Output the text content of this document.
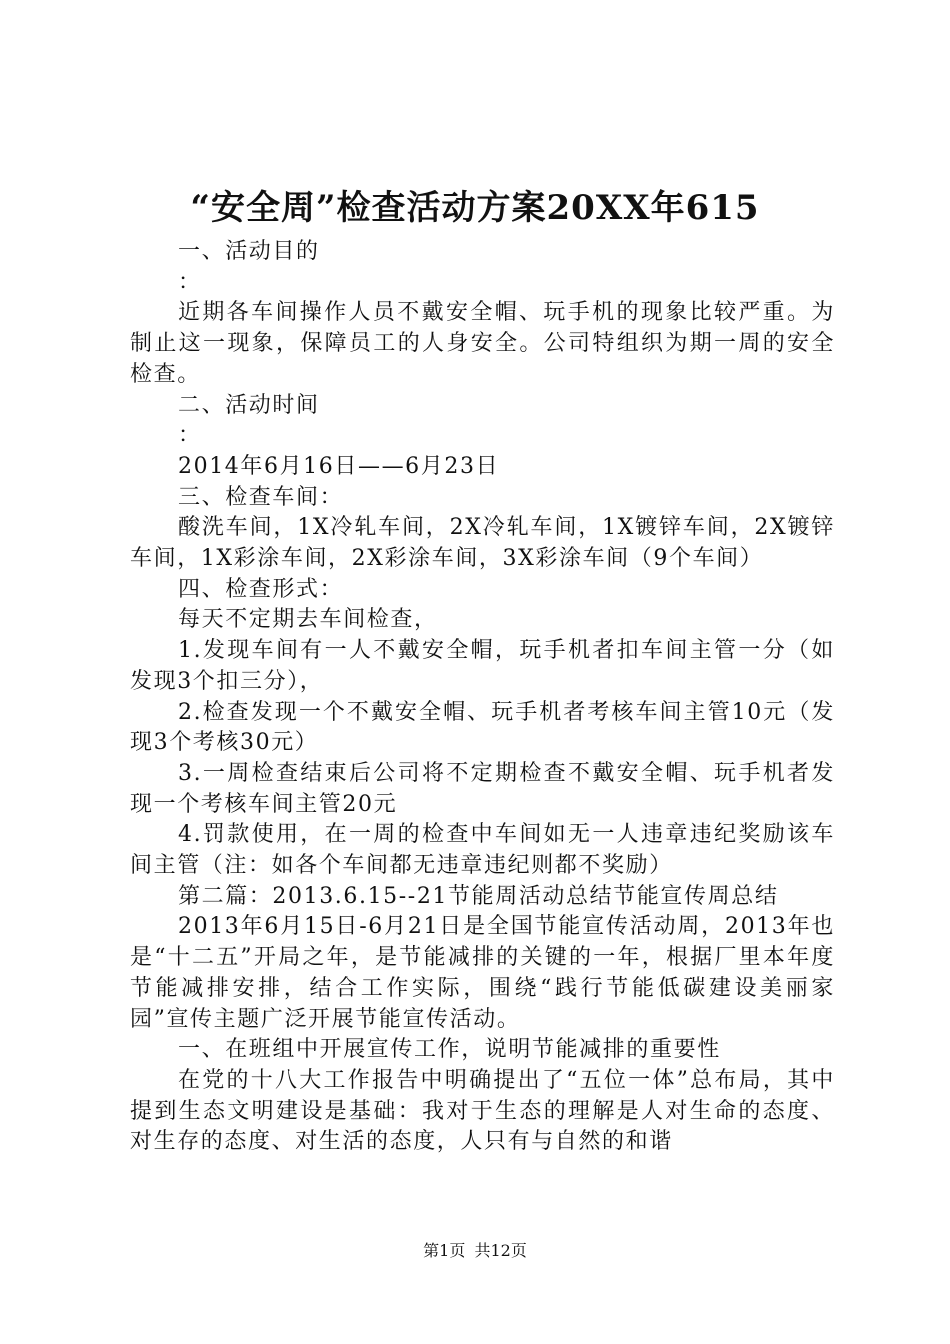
“安全周”检查活动方案20XX年615

一、活动目的

：

近期各车间操作人员不戴安全帽、玩手机的现象比较严重。为制止这一现象，保障员工的人身安全。公司特组织为期一周的安全检查。

二、活动时间

：

2014年6月16日——6月23日

三、检查车间：

酸洗车间，1X冷轧车间，2X冷轧车间，1X镀锌车间，2X镀锌车间，1X彩涂车间，2X彩涂车间，3X彩涂车间（9个车间）

四、检查形式：

每天不定期去车间检查，

1.发现车间有一人不戴安全帽，玩手机者扣车间主管一分（如发现3个扣三分），

2.检查发现一个不戴安全帽、玩手机者考核车间主管10元（发现3个考核30元）

3.一周检查结束后公司将不定期检查不戴安全帽、玩手机者发现一个考核车间主管20元

4.罚款使用，在一周的检查中车间如无一人违章违纪奖励该车间主管（注：如各个车间都无违章违纪则都不奖励）

第二篇：2013.6.15--21节能周活动总结节能宣传周总结

2013年6月15日-6月21日是全国节能宣传活动周，2013年也是“十二五”开局之年，是节能减排的关键的一年，根据厂里本年度节能减排安排，结合工作实际，围绕“践行节能低碳建设美丽家园”宣传主题广泛开展节能宣传活动。

一、在班组中开展宣传工作，说明节能减排的重要性

在党的十八大工作报告中明确提出了“五位一体”总布局，其中提到生态文明建设是基础：我对于生态的理解是人对生命的态度、对生存的态度、对生活的态度，人只有与自然的和谐

第1页 共12页
